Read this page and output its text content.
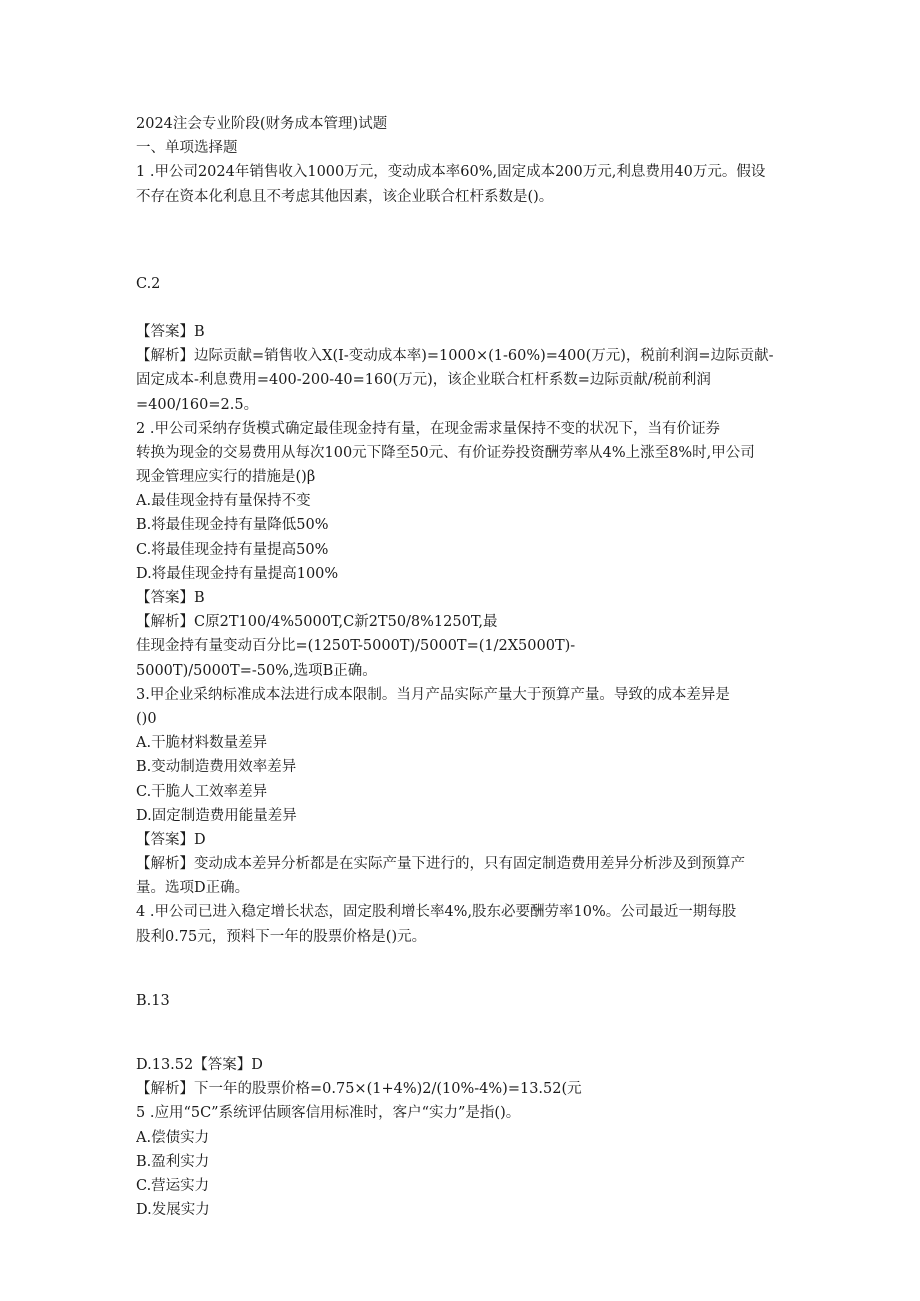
2024注会专业阶段(财务成本管理)试题
一、单项选择题
1 .甲公司2024年销售收入1000万元，变动成本率60%,固定成本200万元,利息费用40万元。假设
不存在资本化利息且不考虑其他因素，该企业联合杠杆系数是()。
C.2
【答案】B
【解析】边际贡献=销售收入X(I-变动成本率)=1000×(1-60%)=400(万元)，税前利润=边际贡献-
固定成本-利息费用=400-200-40=160(万元)，该企业联合杠杆系数=边际贡献/税前利润
=400/160=2.5。
2 .甲公司采纳存货模式确定最佳现金持有量，在现金需求量保持不变的状况下，当有价证券
转换为现金的交易费用从每次100元下降至50元、有价证券投资酬劳率从4%上涨至8%时,甲公司
现金管理应实行的措施是()β
A.最佳现金持有量保持不变
B.将最佳现金持有量降低50%
C.将最佳现金持有量提高50%
D.将最佳现金持有量提高100%
【答案】B
【解析】C原2T100/4%5000T,C新2T50/8%1250T,最
佳现金持有量变动百分比=(1250T-5000T)/5000T=(1/2X5000T)-
5000T)/5000T=-50%,选项B正确。
3.甲企业采纳标准成本法进行成本限制。当月产品实际产量大于预算产量。导致的成本差异是
()0
A.干脆材料数量差异
B.变动制造费用效率差异
C.干脆人工效率差异
D.固定制造费用能量差异
【答案】D
【解析】变动成本差异分析都是在实际产量下进行的，只有固定制造费用差异分析涉及到预算产
量。选项D正确。
4 .甲公司已进入稳定增长状态，固定股利增长率4%,股东必要酬劳率10%。公司最近一期每股
股利0.75元，预料下一年的股票价格是()元。
B.13
D.13.52【答案】D
【解析】下一年的股票价格=0.75×(1+4%)2/(10%-4%)=13.52(元
5 .应用“5C”系统评估顾客信用标准时，客户“实力”是指()。
A.偿债实力
B.盈利实力
C.营运实力
D.发展实力
